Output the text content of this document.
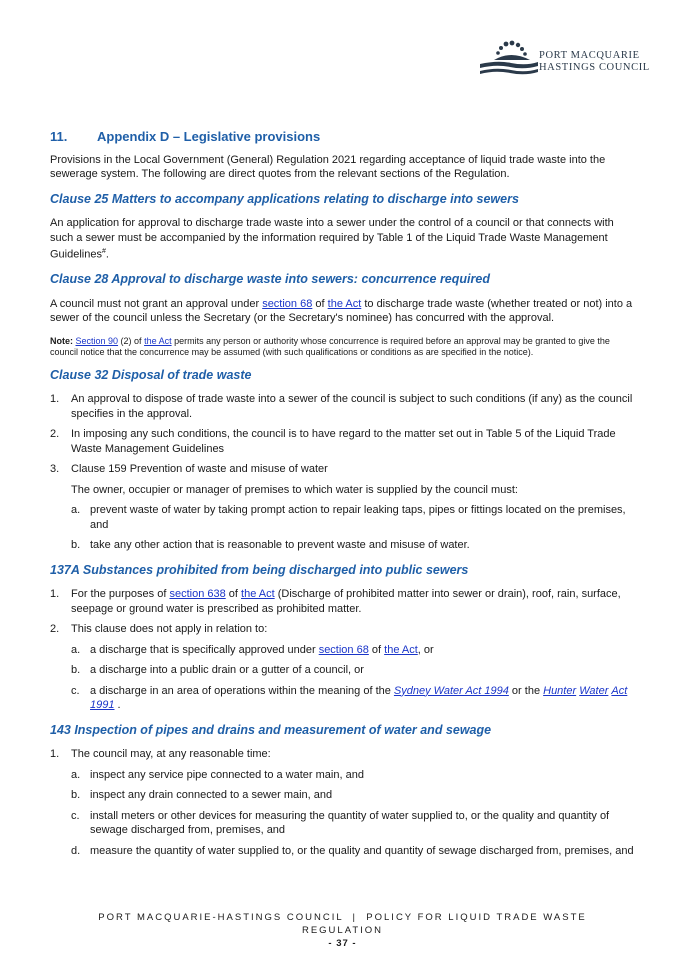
PORT MACQUARIE
HASTINGS COUNCIL
11.	Appendix D – Legislative provisions

Provisions in the Local Government (General) Regulation 2021 regarding acceptance of liquid trade waste into the sewerage system. The following are direct quotes from the relevant sections of the Regulation.

Clause 25 Matters to accompany applications relating to discharge into sewers

An application for approval to discharge trade waste into a sewer under the control of a council or that connects with such a sewer must be accompanied by the information required by Table 1 of the Liquid Trade Waste Management Guidelines#.

Clause 28 Approval to discharge waste into sewers: concurrence required

A council must not grant an approval under section 68 of the Act to discharge trade waste (whether treated or not) into a sewer of the council unless the Secretary (or the Secretary's nominee) has concurred with the approval.

Note: Section 90 (2) of the Act permits any person or authority whose concurrence is required before an approval may be granted to give the council notice that the concurrence may be assumed (with such qualifications or conditions as are specified in the notice).
Clause 32 Disposal of trade waste
1.	An approval to dispose of trade waste into a sewer of the council is subject to such conditions (if any) as the council specifies in the approval.
2.	In imposing any such conditions, the council is to have regard to the matter set out in Table 5 of the Liquid Trade Waste Management Guidelines
3.	Clause 159 Prevention of waste and misuse of water
The owner, occupier or manager of premises to which water is supplied by the council must:
a. prevent waste of water by taking prompt action to repair leaking taps, pipes or fittings located on the premises, and
b. take any other action that is reasonable to prevent waste and misuse of water.
137A Substances prohibited from being discharged into public sewers
1.	For the purposes of section 638 of the Act (Discharge of prohibited matter into sewer or drain), roof, rain, surface, seepage or ground water is prescribed as prohibited matter.
2.	This clause does not apply in relation to:
a. a discharge that is specifically approved under section 68 of the Act, or
b. a discharge into a public drain or a gutter of a council, or
c. a discharge in an area of operations within the meaning of the Sydney Water Act 1994 or the Hunter Water Act 1991 .
143 Inspection of pipes and drains and measurement of water and sewage
1.	The council may, at any reasonable time:
a. inspect any service pipe connected to a water main, and
b. inspect any drain connected to a sewer main, and
c. install meters or other devices for measuring the quantity of water supplied to, or the quality and quantity of sewage discharged from, premises, and
d. measure the quantity of water supplied to, or the quality and quantity of sewage discharged from, premises, and
PORT MACQUARIE-HASTINGS COUNCIL  |  POLICY FOR LIQUID TRADE WASTE
REGULATION
- 37 -
